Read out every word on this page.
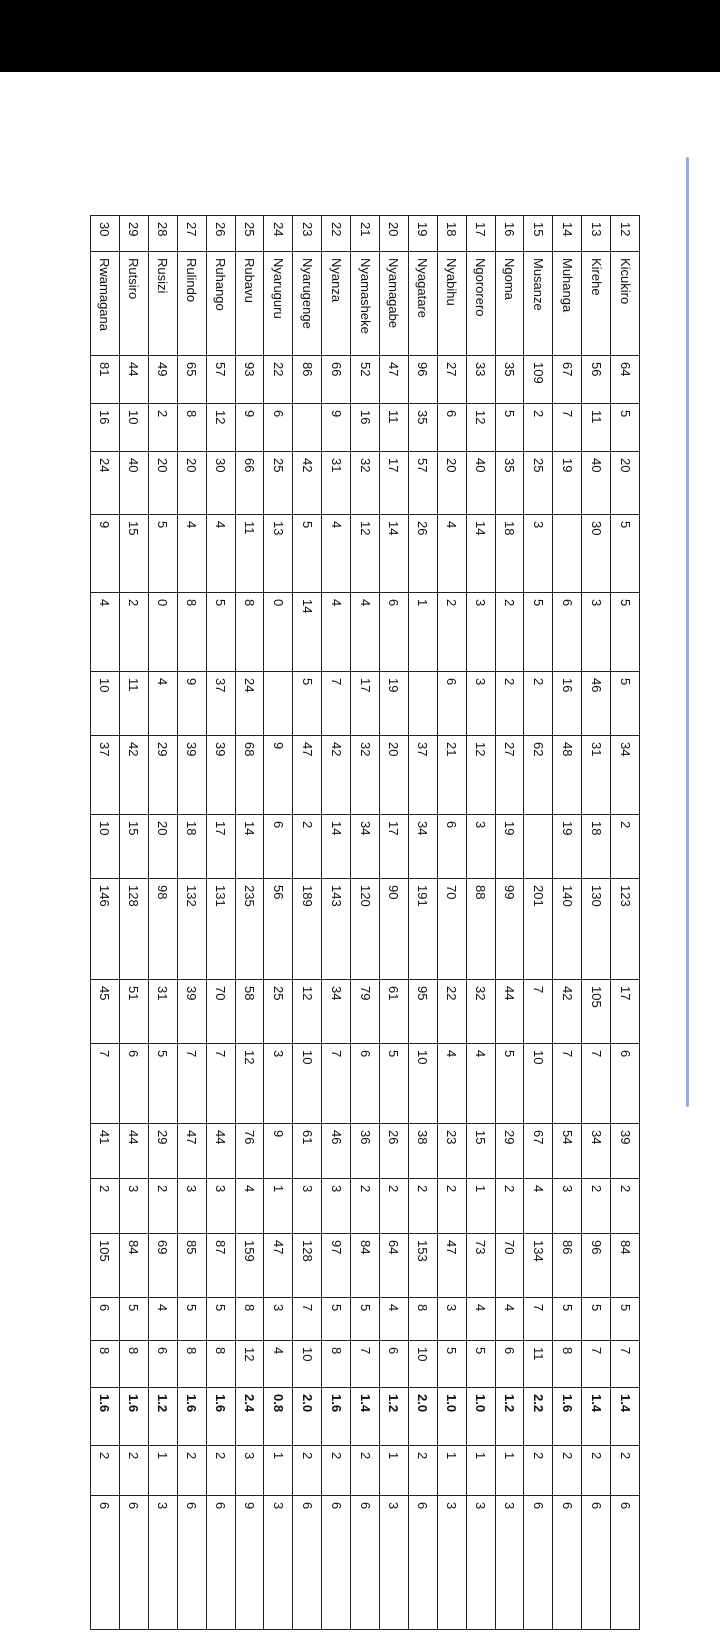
12	Kicukiro	64	5	20	5	5	5	34	2	123	17	6	39	2	84	5	7	1.4	2	6
13	Kirehe	56	11	40	30	3	46	31	18	130	105	7	34	2	96	5	7	1.4	2	6
14	Muhanga	67	7	19		6	16	48	19	140	42	7	54	3	86	5	8	1.6	2	6
15	Musanze	109	2	25	3	5	2	62		201	7	10	67	4	134	7	11	2.2	2	6
16	Ngoma	35	5	35	18	2	2	27	19	99	44	5	29	2	70	4	6	1.2	1	3
17	Ngororero	33	12	40	14	3	3	12	3	88	32	4	15	1	73	4	5	1.0	1	3
18	Nyabihu	27	6	20	4	2	6	21	6	70	22	4	23	2	47	3	5	1.0	1	3
19	Nyagatare	96	35	57	26	1		37	34	191	95	10	38	2	153	8	10	2.0	2	6
20	Nyamagabe	47	11	17	14	6	19	20	17	90	61	5	26	2	64	4	6	1.2	1	3
21	Nyamasheke	52	16	32	12	4	17	32	34	120	79	6	36	2	84	5	7	1.4	2	6
22	Nyanza	66	9	31	4	4	7	42	14	143	34	7	46	3	97	5	8	1.6	2	6
23	Nyarugenge	86		42	5	14	5	47	2	189	12	10	61	3	128	7	10	2.0	2	6
24	Nyaruguru	22	6	25	13	0		9	6	56	25	3	9	1	47	3	4	0.8	1	3
25	Rubavu	93	9	66	11	8	24	68	14	235	58	12	76	4	159	8	12	2.4	3	9
26	Ruhango	57	12	30	4	5	37	39	17	131	70	7	44	3	87	5	8	1.6	2	6
27	Rulindo	65	8	20	4	8	9	39	18	132	39	7	47	3	85	5	8	1.6	2	6
28	Rusizi	49	2	20	5	0	4	29	20	98	31	5	29	2	69	4	6	1.2	1	3
29	Rutsiro	44	10	40	15	2	11	42	15	128	51	6	44	3	84	5	8	1.6	2	6
30	Rwamagana	81	16	24	9	4	10	37	10	146	45	7	41	2	105	6	8	1.6	2	6
